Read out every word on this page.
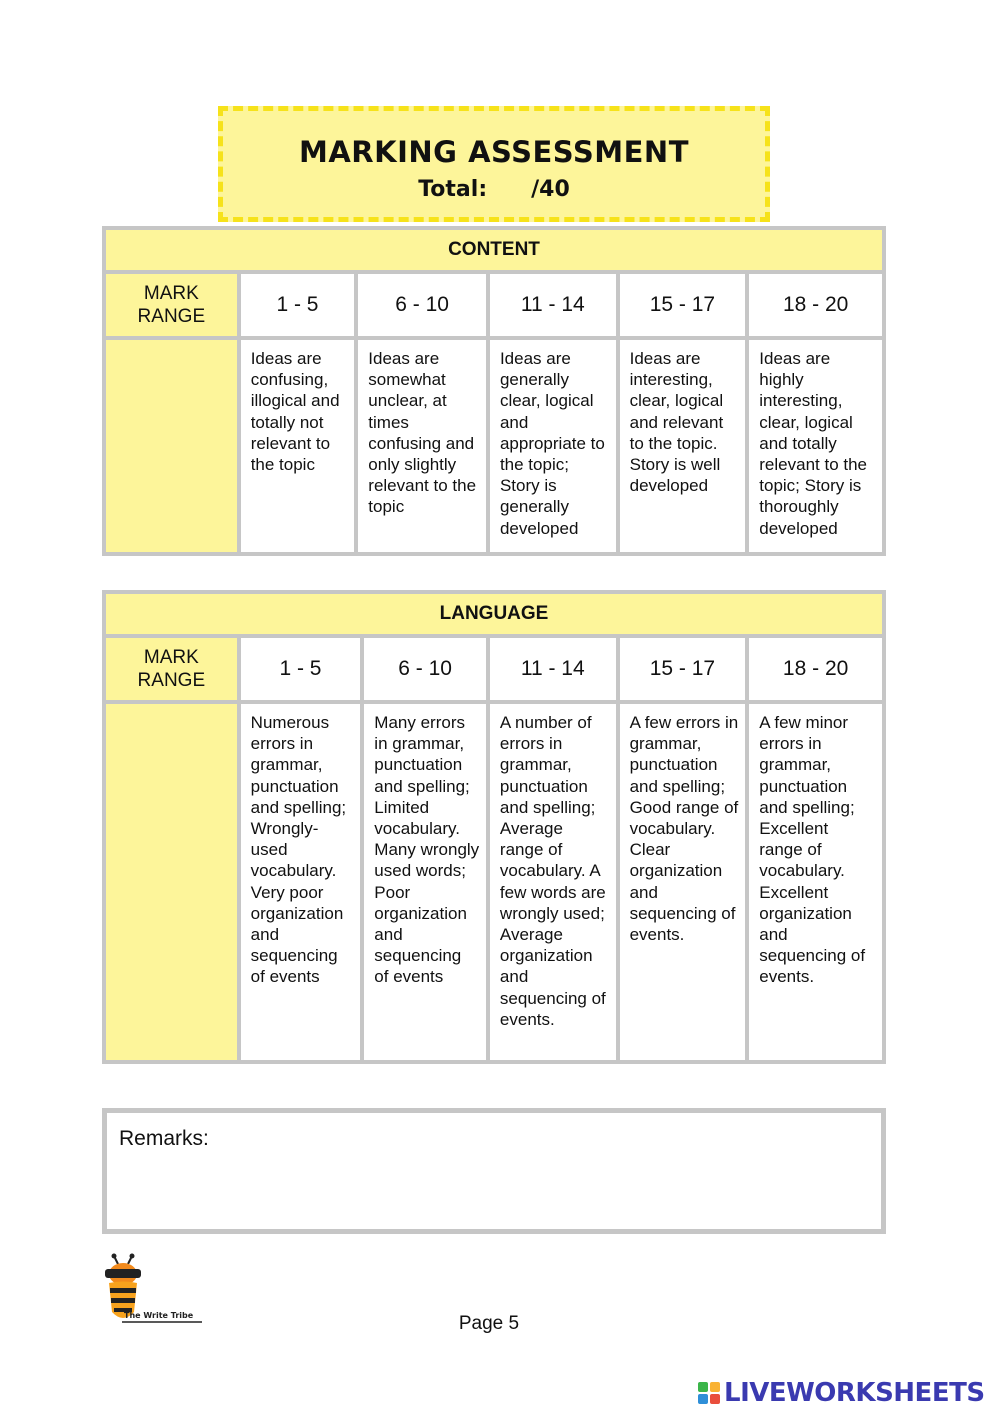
MARKING ASSESSMENT
Total: /40
CONTENT					
MARK
RANGE	1 - 5	6 - 10	11 - 14	15 - 17	18 - 20
	Ideas are confusing, illogical and totally not relevant to the topic	Ideas are somewhat unclear, at times confusing and only slightly relevant to the topic	Ideas are generally clear, logical and appropriate to the topic; Story is generally developed	Ideas are interesting, clear, logical and relevant to the topic. Story is well developed	Ideas are highly interesting, clear, logical and totally relevant to the topic; Story is thoroughly developed
LANGUAGE					
MARK
RANGE	1 - 5	6 - 10	11 - 14	15 - 17	18 - 20
	Numerous errors in grammar, punctuation and spelling; Wrongly-used vocabulary. Very poor organization and sequencing of events	Many errors in grammar, punctuation and spelling; Limited vocabulary. Many wrongly used words; Poor organization and sequencing of events	A number of errors in grammar, punctuation and spelling; Average range of vocabulary. A few words are wrongly used; Average organization and sequencing of events.	A few errors in grammar, punctuation and spelling; Good range of vocabulary. Clear organization and sequencing of events.	A few minor errors in grammar, punctuation and spelling; Excellent range of vocabulary. Excellent organization and sequencing of events.
Remarks:
The Write Tribe	Page 5
LIVEWORKSHEETS
